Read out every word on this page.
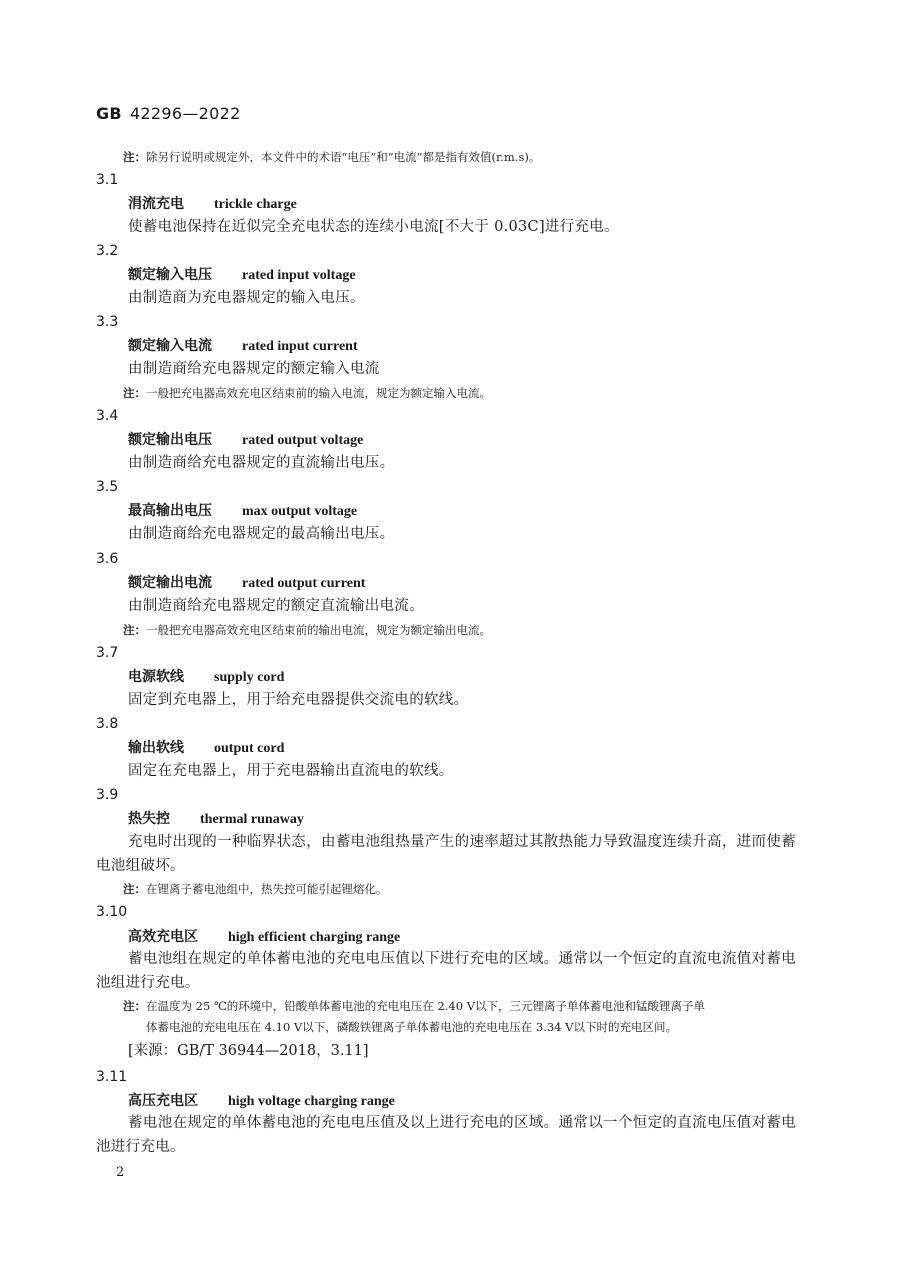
GB 42296—2022
注：除另行说明或规定外，本文件中的术语“电压”和“电流”都是指有效值(r.m.s)。
3.1
涓流充电 trickle charge
使蓄电池保持在近似完全充电状态的连续小电流[不大于 0.03C]进行充电。
3.2
额定输入电压 rated input voltage
由制造商为充电器规定的输入电压。
3.3
额定输入电流 rated input current
由制造商给充电器规定的额定输入电流
注：一般把充电器高效充电区结束前的输入电流，规定为额定输入电流。
3.4
额定输出电压 rated output voltage
由制造商给充电器规定的直流输出电压。
3.5
最高输出电压 max output voltage
由制造商给充电器规定的最高输出电压。
3.6
额定输出电流 rated output current
由制造商给充电器规定的额定直流输出电流。
注：一般把充电器高效充电区结束前的输出电流，规定为额定输出电流。
3.7
电源软线 supply cord
固定到充电器上，用于给充电器提供交流电的软线。
3.8
输出软线 output cord
固定在充电器上，用于充电器输出直流电的软线。
3.9
热失控 thermal runaway
充电时出现的一种临界状态，由蓄电池组热量产生的速率超过其散热能力导致温度连续升高，进而使蓄电池组破坏。
注：在锂离子蓄电池组中，热失控可能引起锂熔化。
3.10
高效充电区 high efficient charging range
蓄电池组在规定的单体蓄电池的充电电压值以下进行充电的区域。通常以一个恒定的直流电流值对蓄电池组进行充电。
注：在温度为 25 ℃的环境中，铅酸单体蓄电池的充电电压在 2.40 V以下，三元锂离子单体蓄电池和锰酸锂离子单
体蓄电池的充电电压在 4.10 V以下，磷酸铁锂离子单体蓄电池的充电电压在 3.34 V以下时的充电区间。
[来源：GB/T 36944—2018，3.11]
3.11
高压充电区 high voltage charging range
蓄电池在规定的单体蓄电池的充电电压值及以上进行充电的区域。通常以一个恒定的直流电压值对蓄电池进行充电。
2
